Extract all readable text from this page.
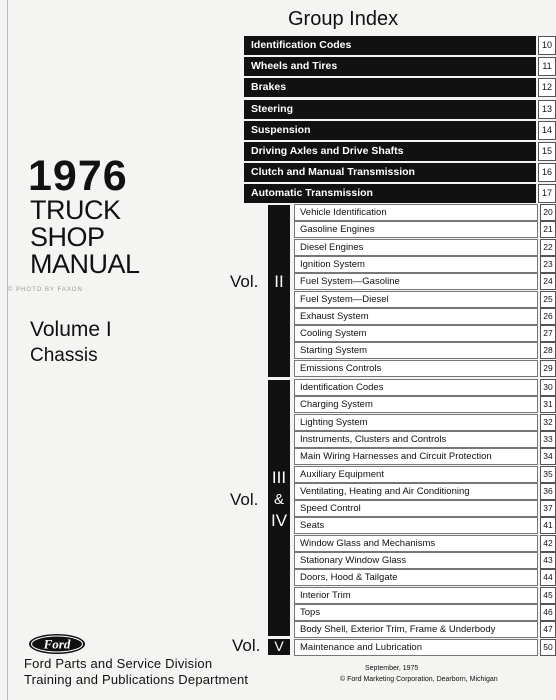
1976
TRUCK
SHOP
MANUAL
© PHOTO BY FAXON
Volume I
Chassis
Ford
Ford Parts and Service Division
Training and Publications Department
Group Index
Identification Codes	10
Wheels and Tires	11
Brakes	12
Steering	13
Suspension	14
Driving Axles and Drive Shafts	15
Clutch and Manual Transmission	16
Automatic Transmission	17
Vol. II
Vol.
III
&
IV
Vol. V
Vehicle Identification	20
Gasoline Engines	21
Diesel Engines	22
Ignition System	23
Fuel System—Gasoline	24
Fuel System—Diesel	25
Exhaust System	26
Cooling System	27
Starting System	28
Emissions Controls	29
Identification Codes	30
Charging System	31
Lighting System	32
Instruments, Clusters and Controls	33
Main Wiring Harnesses and Circuit Protection	34
Auxiliary Equipment	35
Ventilating, Heating and Air Conditioning	36
Speed Control	37
Seats	41
Window Glass and Mechanisms	42
Stationary Window Glass	43
Doors, Hood & Tailgate	44
Interior Trim	45
Tops	46
Body Shell, Exterior Trim, Frame & Underbody	47
Maintenance and Lubrication	50
September, 1975
© Ford Marketing Corporation, Dearborn, Michigan
